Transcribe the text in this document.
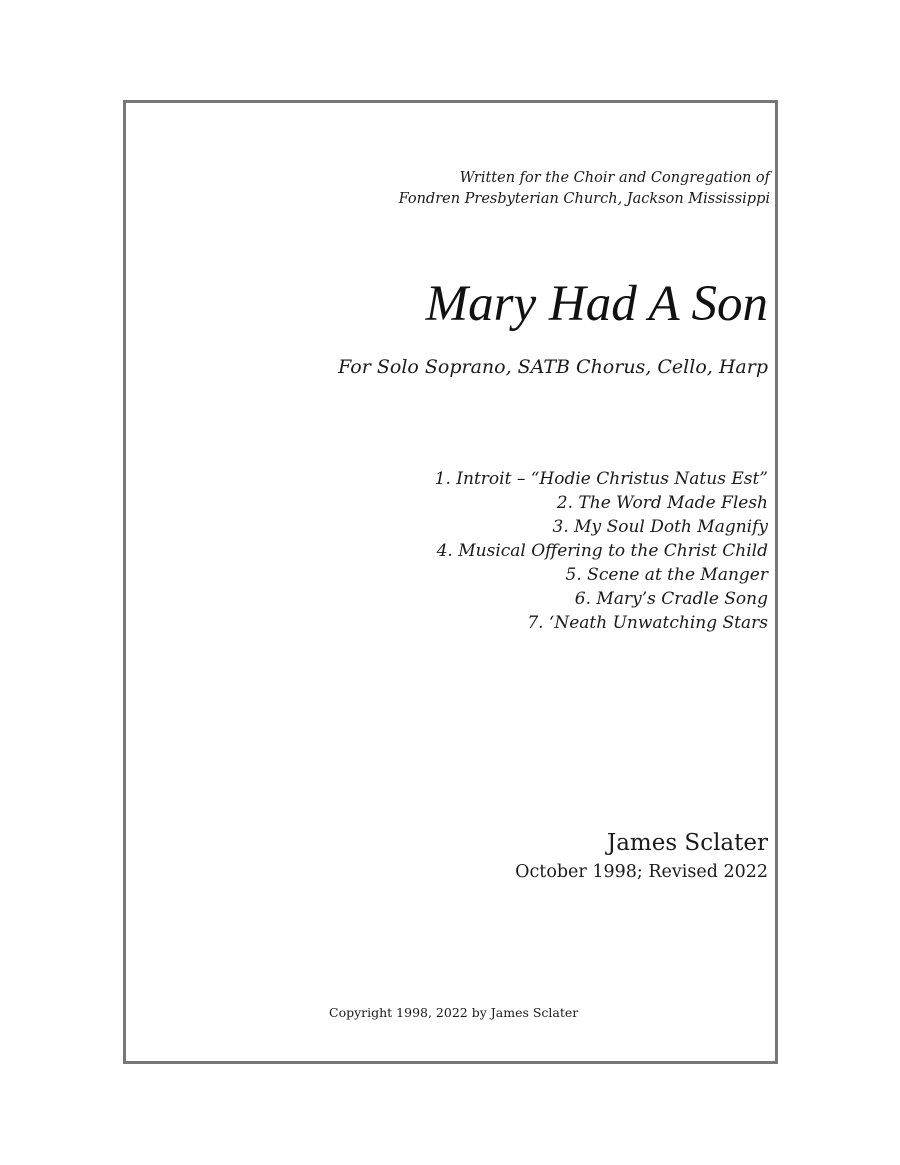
Written for the Choir and Congregation of
Fondren Presbyterian Church, Jackson Mississippi
Mary Had A Son
For Solo Soprano, SATB Chorus, Cello, Harp
1. Introit – “Hodie Christus Natus Est”
2. The Word Made Flesh
3. My Soul Doth Magnify
4. Musical Offering to the Christ Child
5. Scene at the Manger
6. Mary’s Cradle Song
7. ‘Neath Unwatching Stars
James Sclater
October 1998; Revised 2022
Copyright 1998, 2022 by James Sclater
